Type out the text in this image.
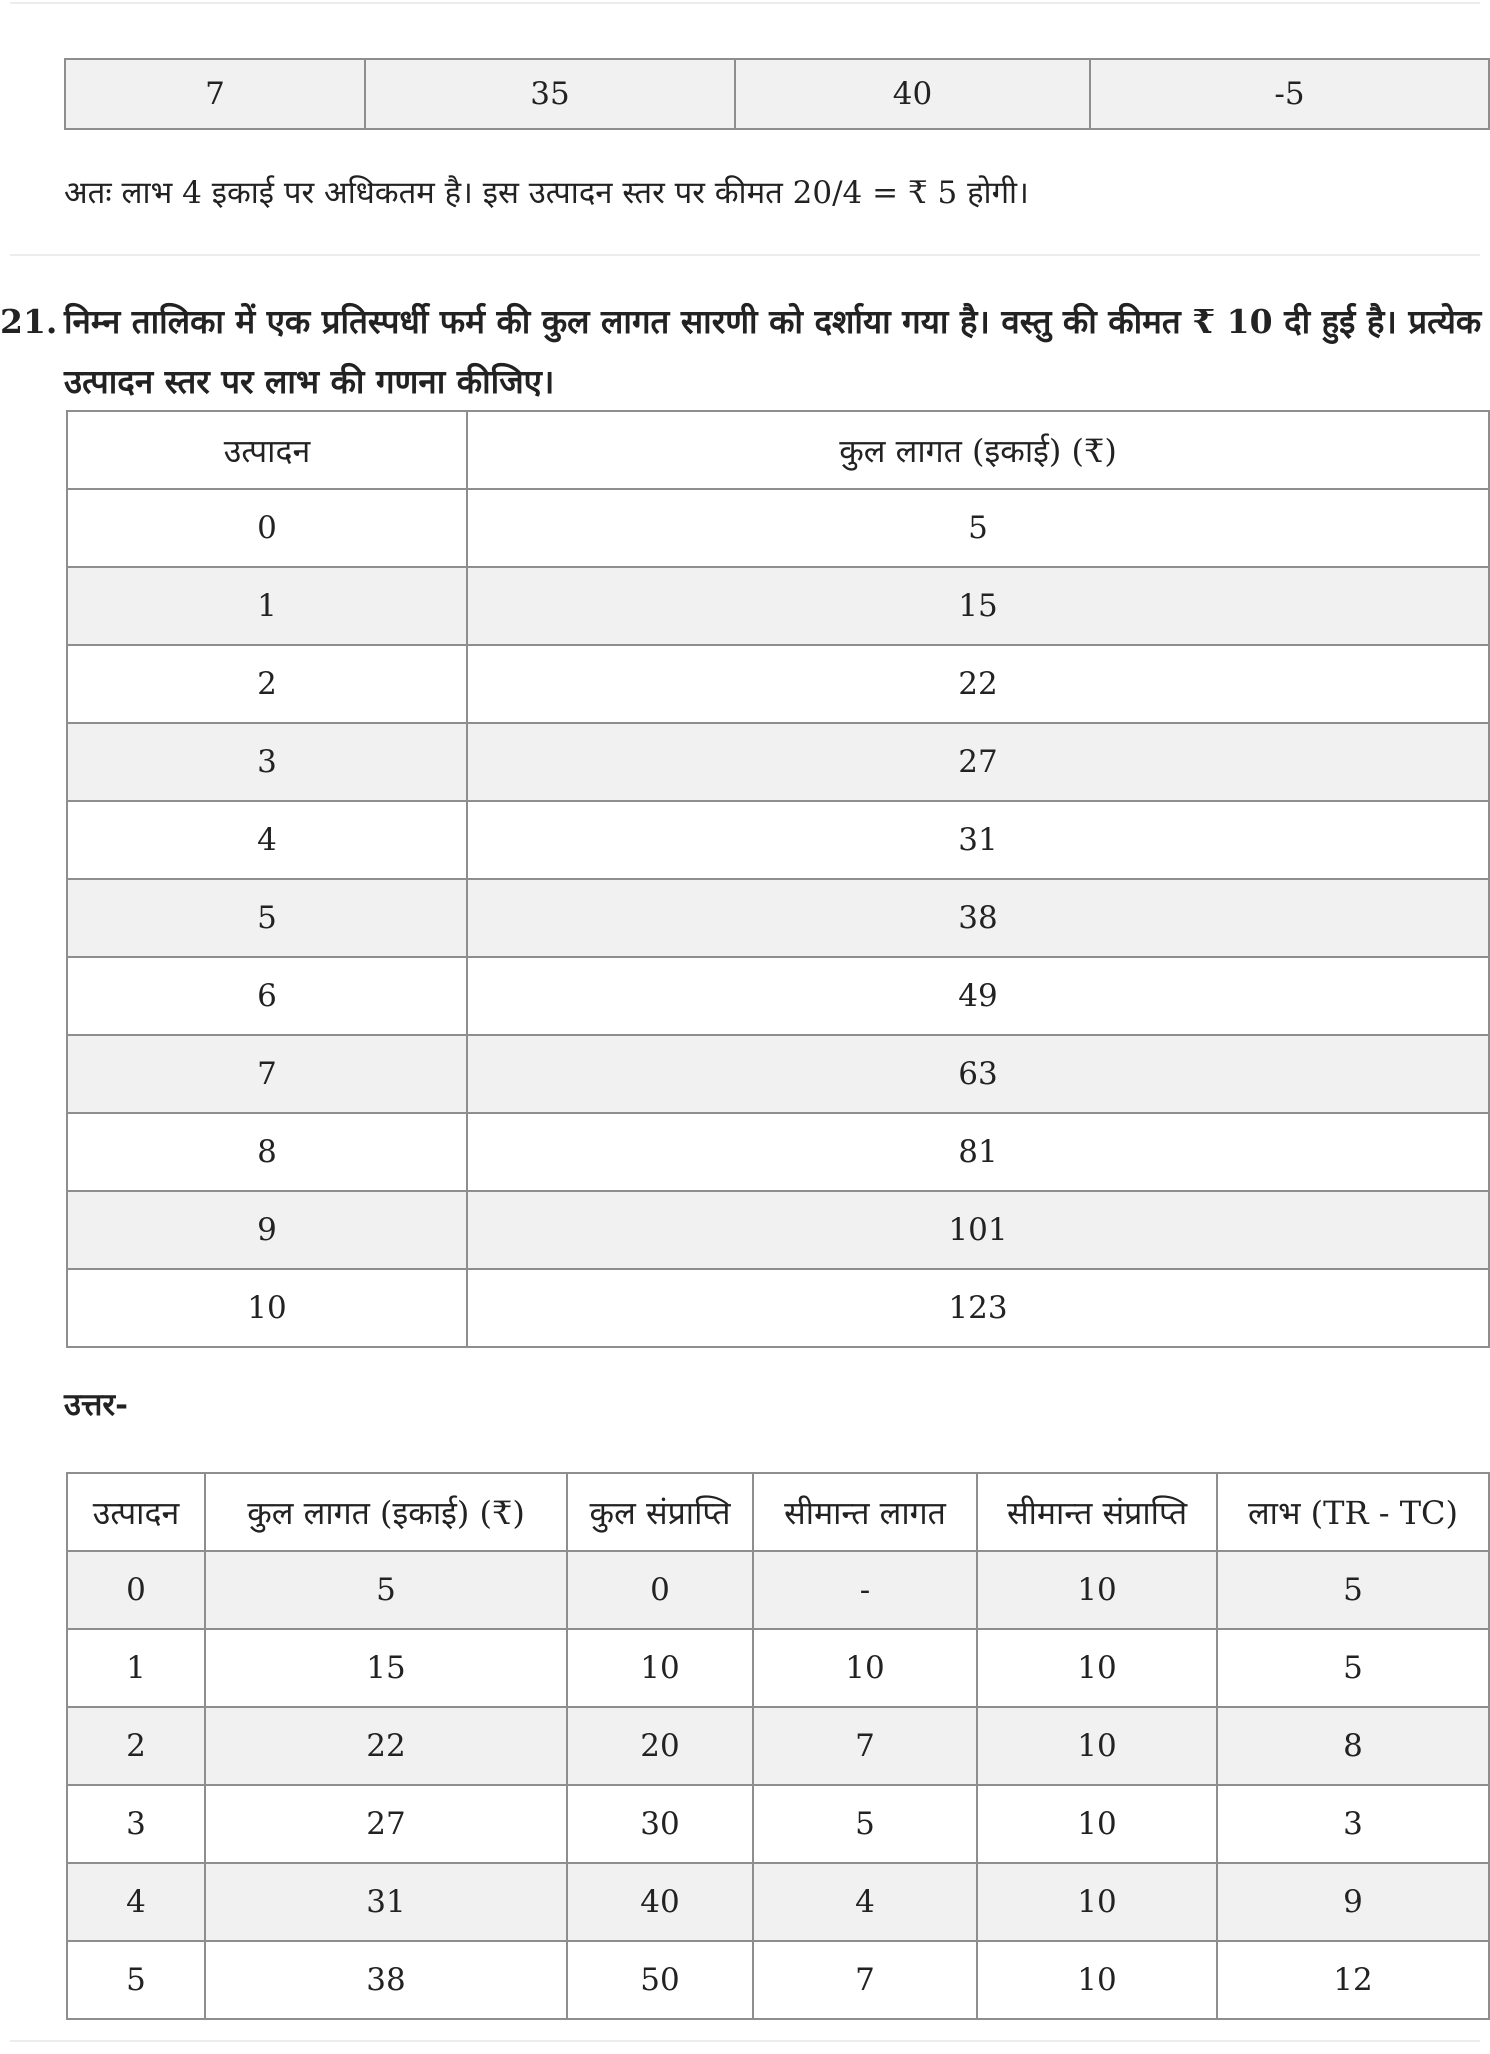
7	35	40	-5
अतः लाभ 4 इकाई पर अधिकतम है। इस उत्पादन स्तर पर कीमत 20/4 = ₹ 5 होगी।
21. निम्न तालिका में एक प्रतिस्पर्धी फर्म की कुल लागत सारणी को दर्शाया गया है। वस्तु की कीमत ₹ 10 दी हुई है। प्रत्येक
उत्पादन स्तर पर लाभ की गणना कीजिए।
उत्पादन	कुल लागत (इकाई) (₹)
0	5
1	15
2	22
3	27
4	31
5	38
6	49
7	63
8	81
9	101
10	123
उत्तर-
उत्पादन	कुल लागत (इकाई) (₹)	कुल संप्राप्ति	सीमान्त लागत	सीमान्त संप्राप्ति	लाभ (TR - TC)
0	5	0	-	10	5
1	15	10	10	10	5
2	22	20	7	10	8
3	27	30	5	10	3
4	31	40	4	10	9
5	38	50	7	10	12
